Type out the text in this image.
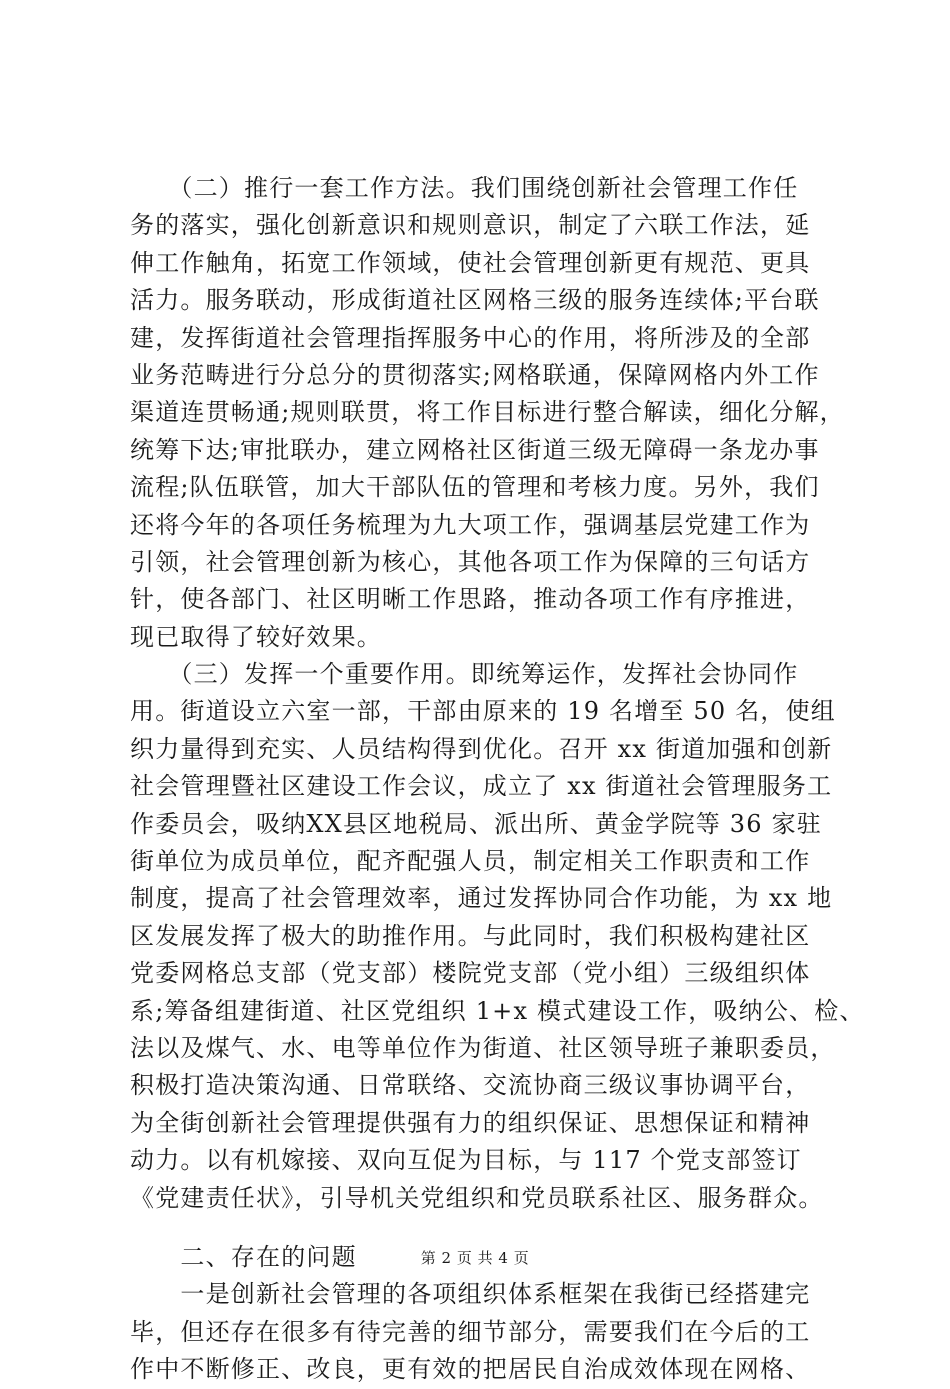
　　（二）推行一套工作方法。我们围绕创新社会管理工作任
务的落实，强化创新意识和规则意识，制定了六联工作法，延
伸工作触角，拓宽工作领域，使社会管理创新更有规范、更具
活力。服务联动，形成街道社区网格三级的服务连续体;平台联
建，发挥街道社会管理指挥服务中心的作用，将所涉及的全部
业务范畴进行分总分的贯彻落实;网格联通，保障网格内外工作
渠道连贯畅通;规则联贯，将工作目标进行整合解读，细化分解，
统筹下达;审批联办，建立网格社区街道三级无障碍一条龙办事
流程;队伍联管，加大干部队伍的管理和考核力度。另外，我们
还将今年的各项任务梳理为九大项工作，强调基层党建工作为
引领，社会管理创新为核心，其他各项工作为保障的三句话方
针，使各部门、社区明晰工作思路，推动各项工作有序推进，
现已取得了较好效果。
　　（三）发挥一个重要作用。即统筹运作，发挥社会协同作
用。街道设立六室一部，干部由原来的 19 名增至 50 名，使组
织力量得到充实、人员结构得到优化。召开 xx 街道加强和创新
社会管理暨社区建设工作会议，成立了 xx 街道社会管理服务工
作委员会，吸纳XX县区地税局、派出所、黄金学院等 36 家驻
街单位为成员单位，配齐配强人员，制定相关工作职责和工作
制度，提高了社会管理效率，通过发挥协同合作功能，为 xx 地
区发展发挥了极大的助推作用。与此同时，我们积极构建社区
党委网格总支部（党支部）楼院党支部（党小组）三级组织体
系;筹备组建街道、社区党组织 1+x 模式建设工作，吸纳公、检、
法以及煤气、水、电等单位作为街道、社区领导班子兼职委员，
积极打造决策沟通、日常联络、交流协商三级议事协调平台，
为全街创新社会管理提供强有力的组织保证、思想保证和精神
动力。以有机嫁接、双向互促为目标，与 117 个党支部签订
《党建责任状》，引导机关党组织和党员联系社区、服务群众。
　　二、存在的问题
　　一是创新社会管理的各项组织体系框架在我街已经搭建完
毕，但还存在很多有待完善的细节部分，需要我们在今后的工
作中不断修正、改良，更有效的把居民自治成效体现在网格、
第 2 页 共 4 页
